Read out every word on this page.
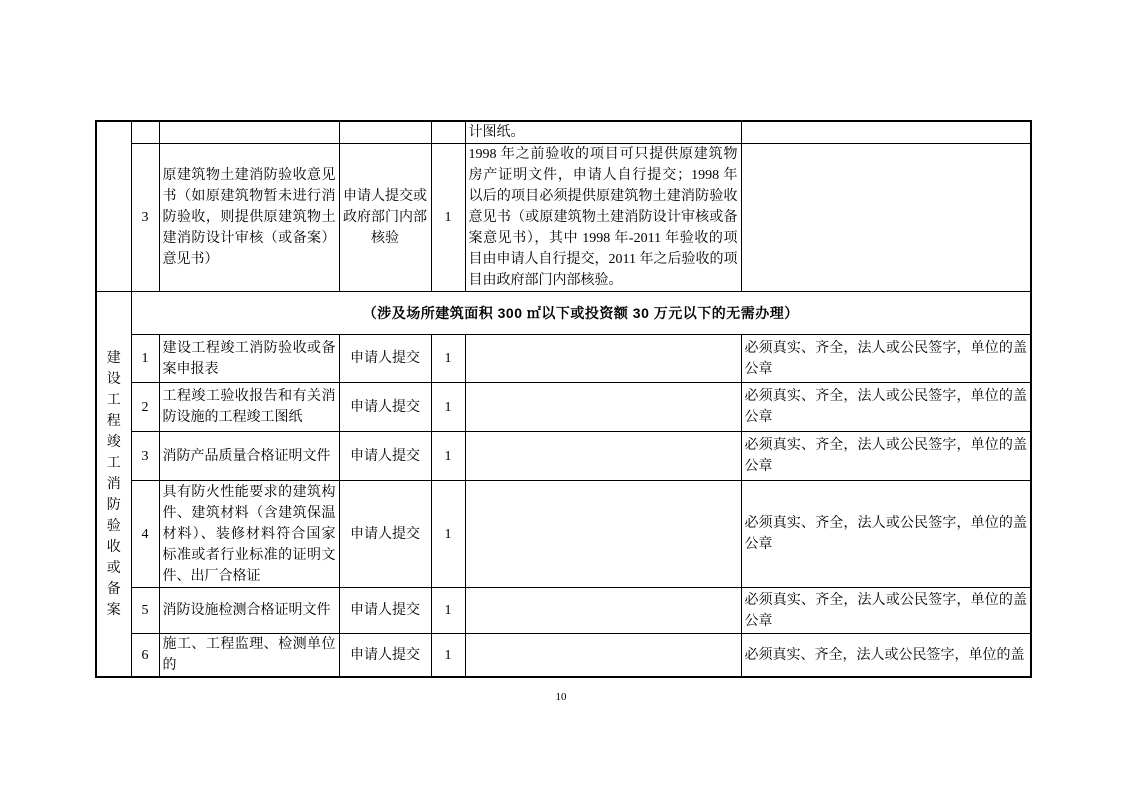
					计图纸。	
	3	原建筑物土建消防验收意见书（如原建筑物暂未进行消防验收，则提供原建筑物土建消防设计审核（或备案）意见书）	申请人提交或政府部门内部核验	1	1998 年之前验收的项目可只提供原建筑物房产证明文件，申请人自行提交；1998 年以后的项目必须提供原建筑物土建消防验收意见书（或原建筑物土建消防设计审核或备案意见书），其中 1998 年-2011 年验收的项目由申请人自行提交，2011 年之后验收的项目由政府部门内部核验。	
建设工程竣工消防验收或备案	（涉及场所建筑面积 300 ㎡以下或投资额 30 万元以下的无需办理）					
	1	建设工程竣工消防验收或备案申报表	申请人提交	1		必须真实、齐全，法人或公民签字，单位的盖公章
	2	工程竣工验收报告和有关消防设施的工程竣工图纸	申请人提交	1		必须真实、齐全，法人或公民签字，单位的盖公章
	3	消防产品质量合格证明文件	申请人提交	1		必须真实、齐全，法人或公民签字，单位的盖公章
	4	具有防火性能要求的建筑构件、建筑材料（含建筑保温材料）、装修材料符合国家标准或者行业标准的证明文件、出厂合格证	申请人提交	1		必须真实、齐全，法人或公民签字，单位的盖公章
	5	消防设施检测合格证明文件	申请人提交	1		必须真实、齐全，法人或公民签字，单位的盖公章
	6	施工、工程监理、检测单位的	申请人提交	1		必须真实、齐全，法人或公民签字，单位的盖
10
